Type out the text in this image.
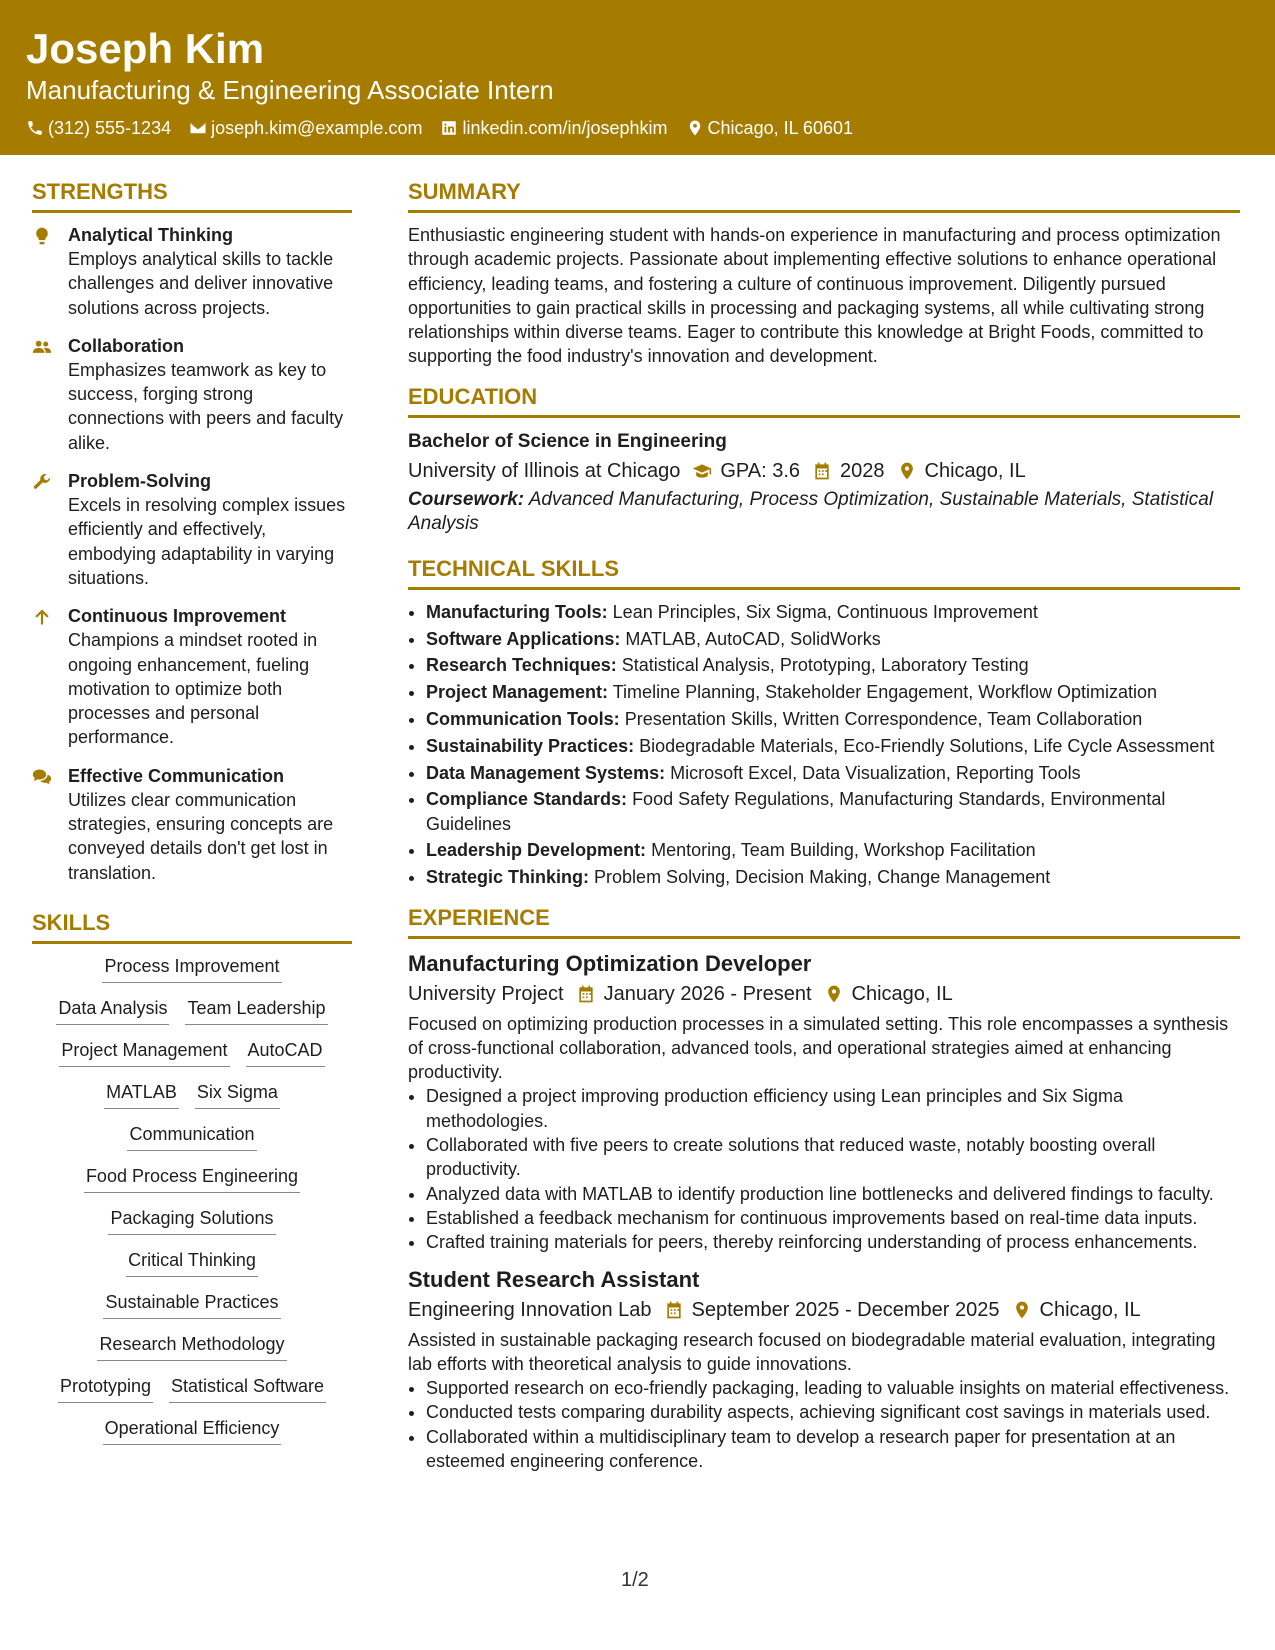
Joseph Kim
Manufacturing & Engineering Associate Intern
(312) 555-1234 joseph.kim@example.com linkedin.com/in/josephkim Chicago, IL 60601
STRENGTHS
Analytical Thinking
Employs analytical skills to tackle challenges and deliver innovative solutions across projects.
Collaboration
Emphasizes teamwork as key to success, forging strong connections with peers and faculty alike.
Problem-Solving
Excels in resolving complex issues efficiently and effectively, embodying adaptability in varying situations.
Continuous Improvement
Champions a mindset rooted in ongoing enhancement, fueling motivation to optimize both processes and personal performance.
Effective Communication
Utilizes clear communication strategies, ensuring concepts are conveyed details don't get lost in translation.
SKILLS
Process Improvement
Data Analysis Team Leadership
Project Management AutoCAD
MATLAB Six Sigma
Communication
Food Process Engineering
Packaging Solutions
Critical Thinking
Sustainable Practices
Research Methodology
Prototyping Statistical Software
Operational Efficiency
SUMMARY
Enthusiastic engineering student with hands-on experience in manufacturing and process optimization through academic projects. Passionate about implementing effective solutions to enhance operational efficiency, leading teams, and fostering a culture of continuous improvement. Diligently pursued opportunities to gain practical skills in processing and packaging systems, all while cultivating strong relationships within diverse teams. Eager to contribute this knowledge at Bright Foods, committed to supporting the food industry's innovation and development.
EDUCATION
Bachelor of Science in Engineering
University of Illinois at Chicago GPA: 3.6 2028 Chicago, IL
Coursework: Advanced Manufacturing, Process Optimization, Sustainable Materials, Statistical Analysis
TECHNICAL SKILLS
• Manufacturing Tools: Lean Principles, Six Sigma, Continuous Improvement
• Software Applications: MATLAB, AutoCAD, SolidWorks
• Research Techniques: Statistical Analysis, Prototyping, Laboratory Testing
• Project Management: Timeline Planning, Stakeholder Engagement, Workflow Optimization
• Communication Tools: Presentation Skills, Written Correspondence, Team Collaboration
• Sustainability Practices: Biodegradable Materials, Eco-Friendly Solutions, Life Cycle Assessment
• Data Management Systems: Microsoft Excel, Data Visualization, Reporting Tools
• Compliance Standards: Food Safety Regulations, Manufacturing Standards, Environmental Guidelines
• Leadership Development: Mentoring, Team Building, Workshop Facilitation
• Strategic Thinking: Problem Solving, Decision Making, Change Management
EXPERIENCE
Manufacturing Optimization Developer
University Project January 2026 - Present Chicago, IL
Focused on optimizing production processes in a simulated setting. This role encompasses a synthesis of cross-functional collaboration, advanced tools, and operational strategies aimed at enhancing productivity.
• Designed a project improving production efficiency using Lean principles and Six Sigma methodologies.
• Collaborated with five peers to create solutions that reduced waste, notably boosting overall productivity.
• Analyzed data with MATLAB to identify production line bottlenecks and delivered findings to faculty.
• Established a feedback mechanism for continuous improvements based on real-time data inputs.
• Crafted training materials for peers, thereby reinforcing understanding of process enhancements.
Student Research Assistant
Engineering Innovation Lab September 2025 - December 2025 Chicago, IL
Assisted in sustainable packaging research focused on biodegradable material evaluation, integrating lab efforts with theoretical analysis to guide innovations.
• Supported research on eco-friendly packaging, leading to valuable insights on material effectiveness.
• Conducted tests comparing durability aspects, achieving significant cost savings in materials used.
• Collaborated within a multidisciplinary team to develop a research paper for presentation at an esteemed engineering conference.
1/2
